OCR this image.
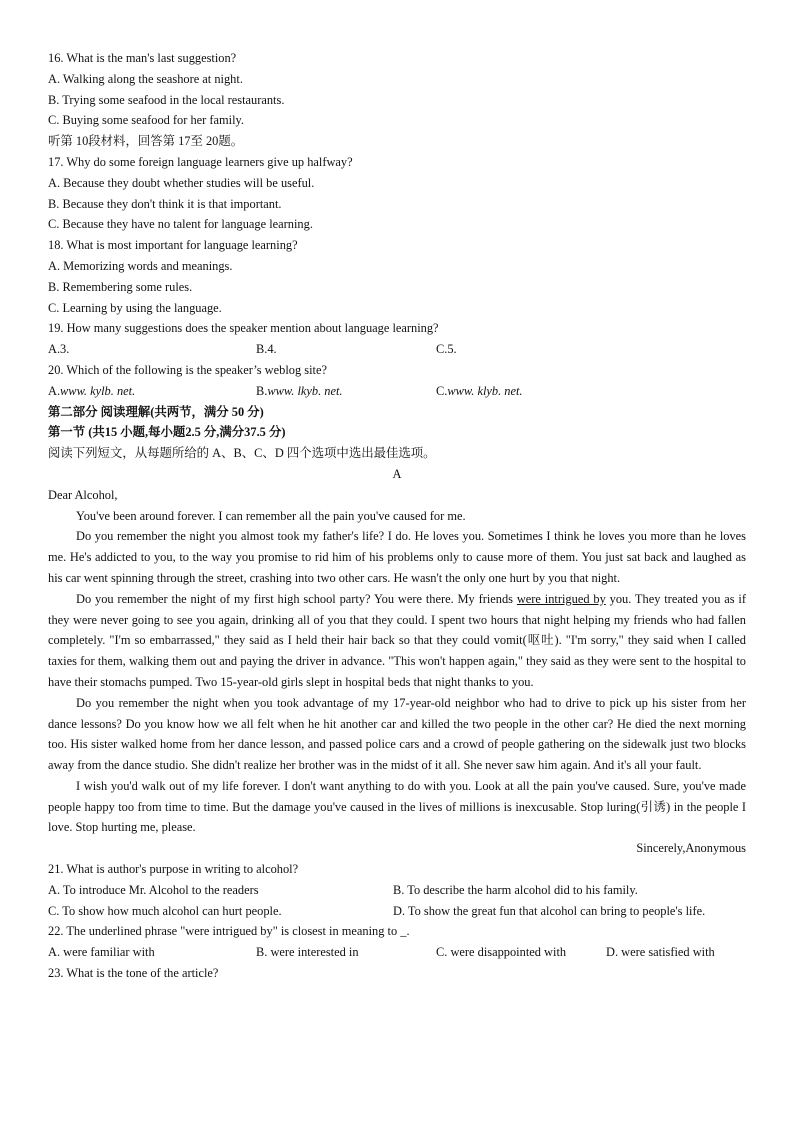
16. What is the man's last suggestion?
A. Walking along the seashore at night.
B. Trying some seafood in the local restaurants.
C. Buying some seafood for her family.
听第 10段材料，回答第 17至 20题。
17. Why do some foreign language learners give up halfway?
A. Because they doubt whether studies will be useful.
B. Because they don't think it is that important.
C. Because they have no talent for language learning.
18. What is most important for language learning?
A. Memorizing words and meanings.
B. Remembering some rules.
C. Learning by using the language.
19. How many suggestions does the speaker mention about language learning?
A.3.	B.4.	C.5.
20. Which of the following is the speaker’s weblog site?
A.www. kylb. net.	B.www. lkyb. net.	C.www. klyb. net.
第二部分 阅读理解(共两节，满分 50 分)
第一节 (共15 小题,每小题2.5 分,满分37.5 分)
阅读下列短文，从每题所给的 A、B、C、D 四个选项中选出最佳选项。
A
Dear Alcohol,
You've been around forever. I can remember all the pain you've caused for me.
Do you remember the night you almost took my father's life? I do. He loves you. Sometimes I think he loves you more than he loves me. He's addicted to you, to the way you promise to rid him of his problems only to cause more of them. You just sat back and laughed as his car went spinning through the street, crashing into two other cars. He wasn't the only one hurt by you that night.
Do you remember the night of my first high school party? You were there. My friends were intrigued by you. They treated you as if they were never going to see you again, drinking all of you that they could. I spent two hours that night helping my friends who had fallen completely. "I'm so embarrassed," they said as I held their hair back so that they could vomit(呕吐). "I'm sorry," they said when I called taxies for them, walking them out and paying the driver in advance. "This won't happen again," they said as they were sent to the hospital to have their stomachs pumped. Two 15-year-old girls slept in hospital beds that night thanks to you.
Do you remember the night when you took advantage of my 17-year-old neighbor who had to drive to pick up his sister from her dance lessons? Do you know how we all felt when he hit another car and killed the two people in the other car? He died the next morning too. His sister walked home from her dance lesson, and passed police cars and a crowd of people gathering on the sidewalk just two blocks away from the dance studio. She didn't realize her brother was in the midst of it all. She never saw him again. And it's all your fault.
I wish you'd walk out of my life forever. I don't want anything to do with you. Look at all the pain you've caused. Sure, you've made people happy too from time to time. But the damage you've caused in the lives of millions is inexcusable. Stop luring(引诱) in the people I love. Stop hurting me, please.
Sincerely,Anonymous
21. What is author's purpose in writing to alcohol?
A. To introduce Mr. Alcohol to the readers	B. To describe the harm alcohol did to his family.
C. To show how much alcohol can hurt people.	D. To show the great fun that alcohol can bring to people's life.
22. The underlined phrase "were intrigued by" is closest in meaning to _.
A. were familiar with	B. were interested in	C. were disappointed with	D. were satisfied with
23. What is the tone of the article?
